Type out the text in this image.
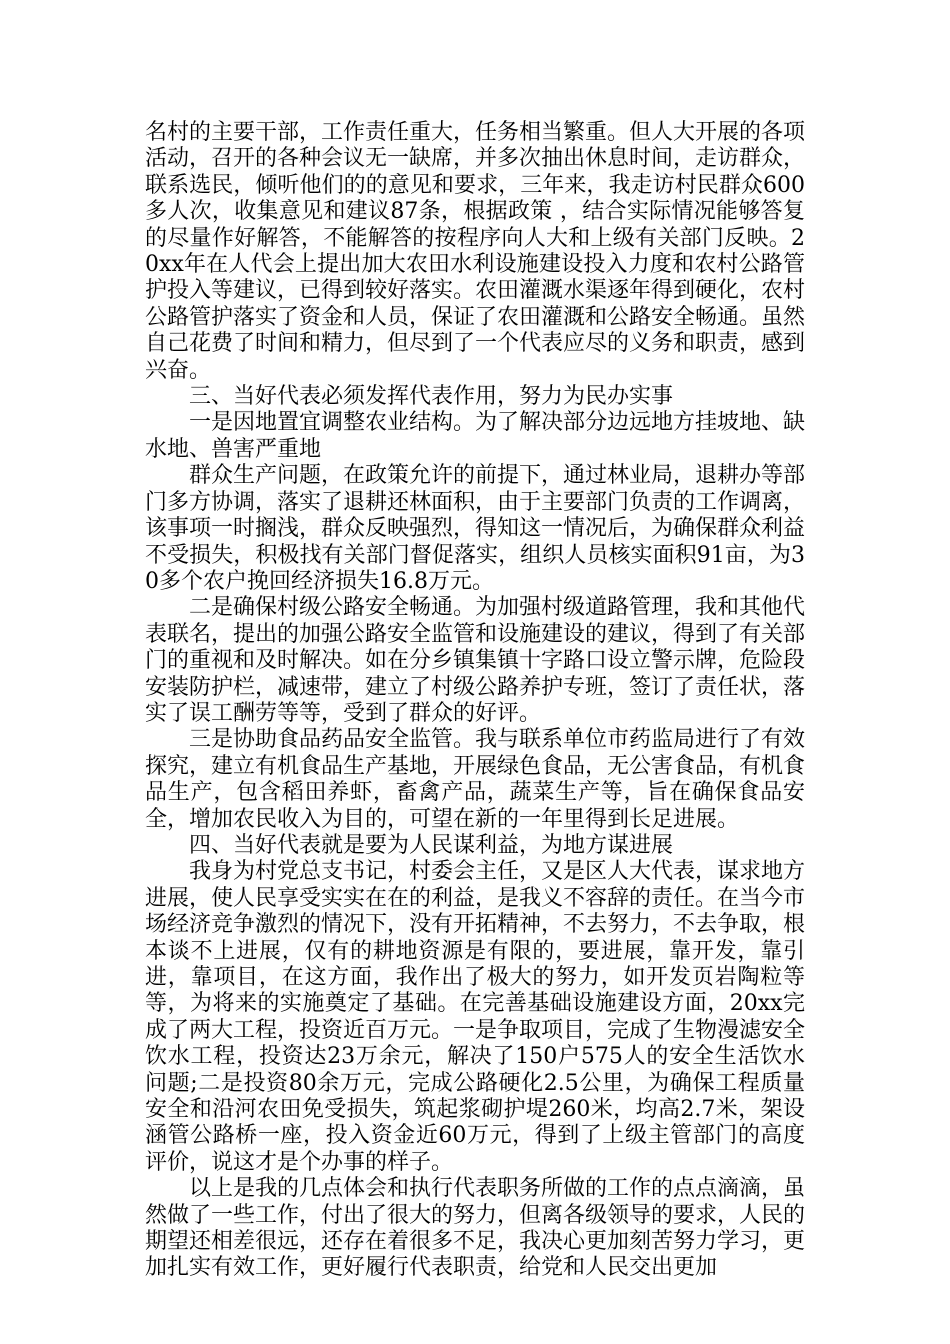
名村的主要干部，工作责任重大，任务相当繁重。但人大开展的各项活动，召开的各种会议无一缺席，并多次抽出休息时间，走访群众，联系选民，倾听他们的的意见和要求，三年来，我走访村民群众600多人次，收集意见和建议87条，根据政策 ，结合实际情况能够答复的尽量作好解答，不能解答的按程序向人大和上级有关部门反映。20xx年在人代会上提出加大农田水利设施建设投入力度和农村公路管护投入等建议，已得到较好落实。农田灌溉水渠逐年得到硬化，农村公路管护落实了资金和人员，保证了农田灌溉和公路安全畅通。虽然自己花费了时间和精力，但尽到了一个代表应尽的义务和职责，感到兴奋。

三、当好代表必须发挥代表作用，努力为民办实事

一是因地置宜调整农业结构。为了解决部分边远地方挂坡地、缺水地、兽害严重地

群众生产问题，在政策允许的前提下，通过林业局，退耕办等部门多方协调，落实了退耕还林面积，由于主要部门负责的工作调离，该事项一时搁浅，群众反映强烈，得知这一情况后，为确保群众利益不受损失，积极找有关部门督促落实，组织人员核实面积91亩，为30多个农户挽回经济损失16.8万元。

二是确保村级公路安全畅通。为加强村级道路管理，我和其他代表联名，提出的加强公路安全监管和设施建设的建议，得到了有关部门的重视和及时解决。如在分乡镇集镇十字路口设立警示牌，危险段安装防护栏，减速带，建立了村级公路养护专班，签订了责任状，落实了误工酬劳等等，受到了群众的好评。

三是协助食品药品安全监管。我与联系单位市药监局进行了有效探究，建立有机食品生产基地，开展绿色食品，无公害食品，有机食品生产，包含稻田养虾，畜禽产品，蔬菜生产等，旨在确保食品安全，增加农民收入为目的，可望在新的一年里得到长足进展。

四、当好代表就是要为人民谋利益，为地方谋进展

我身为村党总支书记，村委会主任，又是区人大代表，谋求地方进展，使人民享受实实在在的利益，是我义不容辞的责任。在当今市场经济竞争激烈的情况下，没有开拓精神，不去努力，不去争取，根本谈不上进展，仅有的耕地资源是有限的，要进展，靠开发，靠引进，靠项目，在这方面，我作出了极大的努力，如开发页岩陶粒等等，为将来的实施奠定了基础。在完善基础设施建设方面，20xx完成了两大工程，投资近百万元。一是争取项目，完成了生物漫滤安全饮水工程，投资达23万余元，解决了150户575人的安全生活饮水问题;二是投资80余万元，完成公路硬化2.5公里，为确保工程质量安全和沿河农田免受损失，筑起浆砌护堤260米，均高2.7米，架设涵管公路桥一座，投入资金近60万元，得到了上级主管部门的高度评价，说这才是个办事的样子。

以上是我的几点体会和执行代表职务所做的工作的点点滴滴，虽然做了一些工作，付出了很大的努力，但离各级领导的要求，人民的期望还相差很远，还存在着很多不足，我决心更加刻苦努力学习，更加扎实有效工作，更好履行代表职责，给党和人民交出更加
